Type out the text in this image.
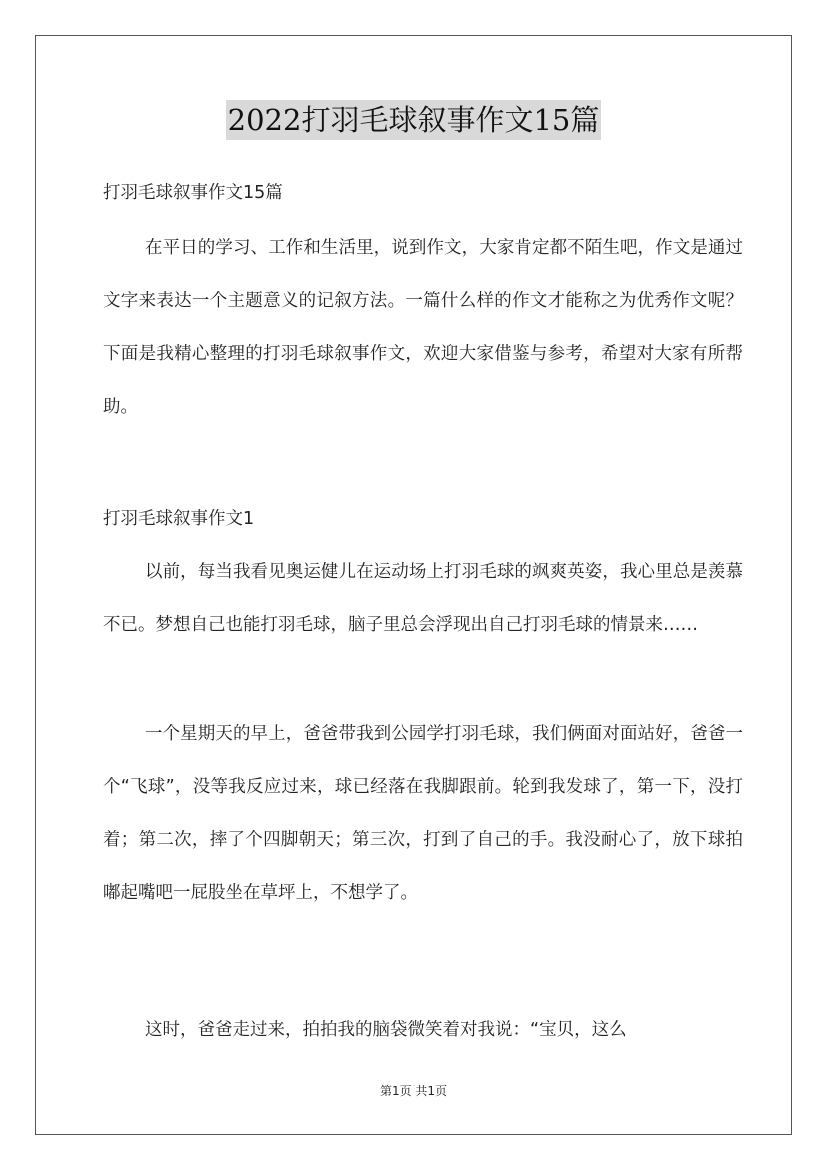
2022打羽毛球叙事作文15篇
打羽毛球叙事作文15篇

在平日的学习、工作和生活里，说到作文，大家肯定都不陌生吧，作文是通过文字来表达一个主题意义的记叙方法。一篇什么样的作文才能称之为优秀作文呢？下面是我精心整理的打羽毛球叙事作文，欢迎大家借鉴与参考，希望对大家有所帮助。

打羽毛球叙事作文1

以前，每当我看见奥运健儿在运动场上打羽毛球的飒爽英姿，我心里总是羡慕不已。梦想自己也能打羽毛球，脑子里总会浮现出自己打羽毛球的情景来……

一个星期天的早上，爸爸带我到公园学打羽毛球，我们俩面对面站好，爸爸一个“飞球”，没等我反应过来，球已经落在我脚跟前。轮到我发球了，第一下，没打着；第二次，摔了个四脚朝天；第三次，打到了自己的手。我没耐心了，放下球拍嘟起嘴吧一屁股坐在草坪上，不想学了。

这时，爸爸走过来，拍拍我的脑袋微笑着对我说：“宝贝，这么

第1页 共1页
